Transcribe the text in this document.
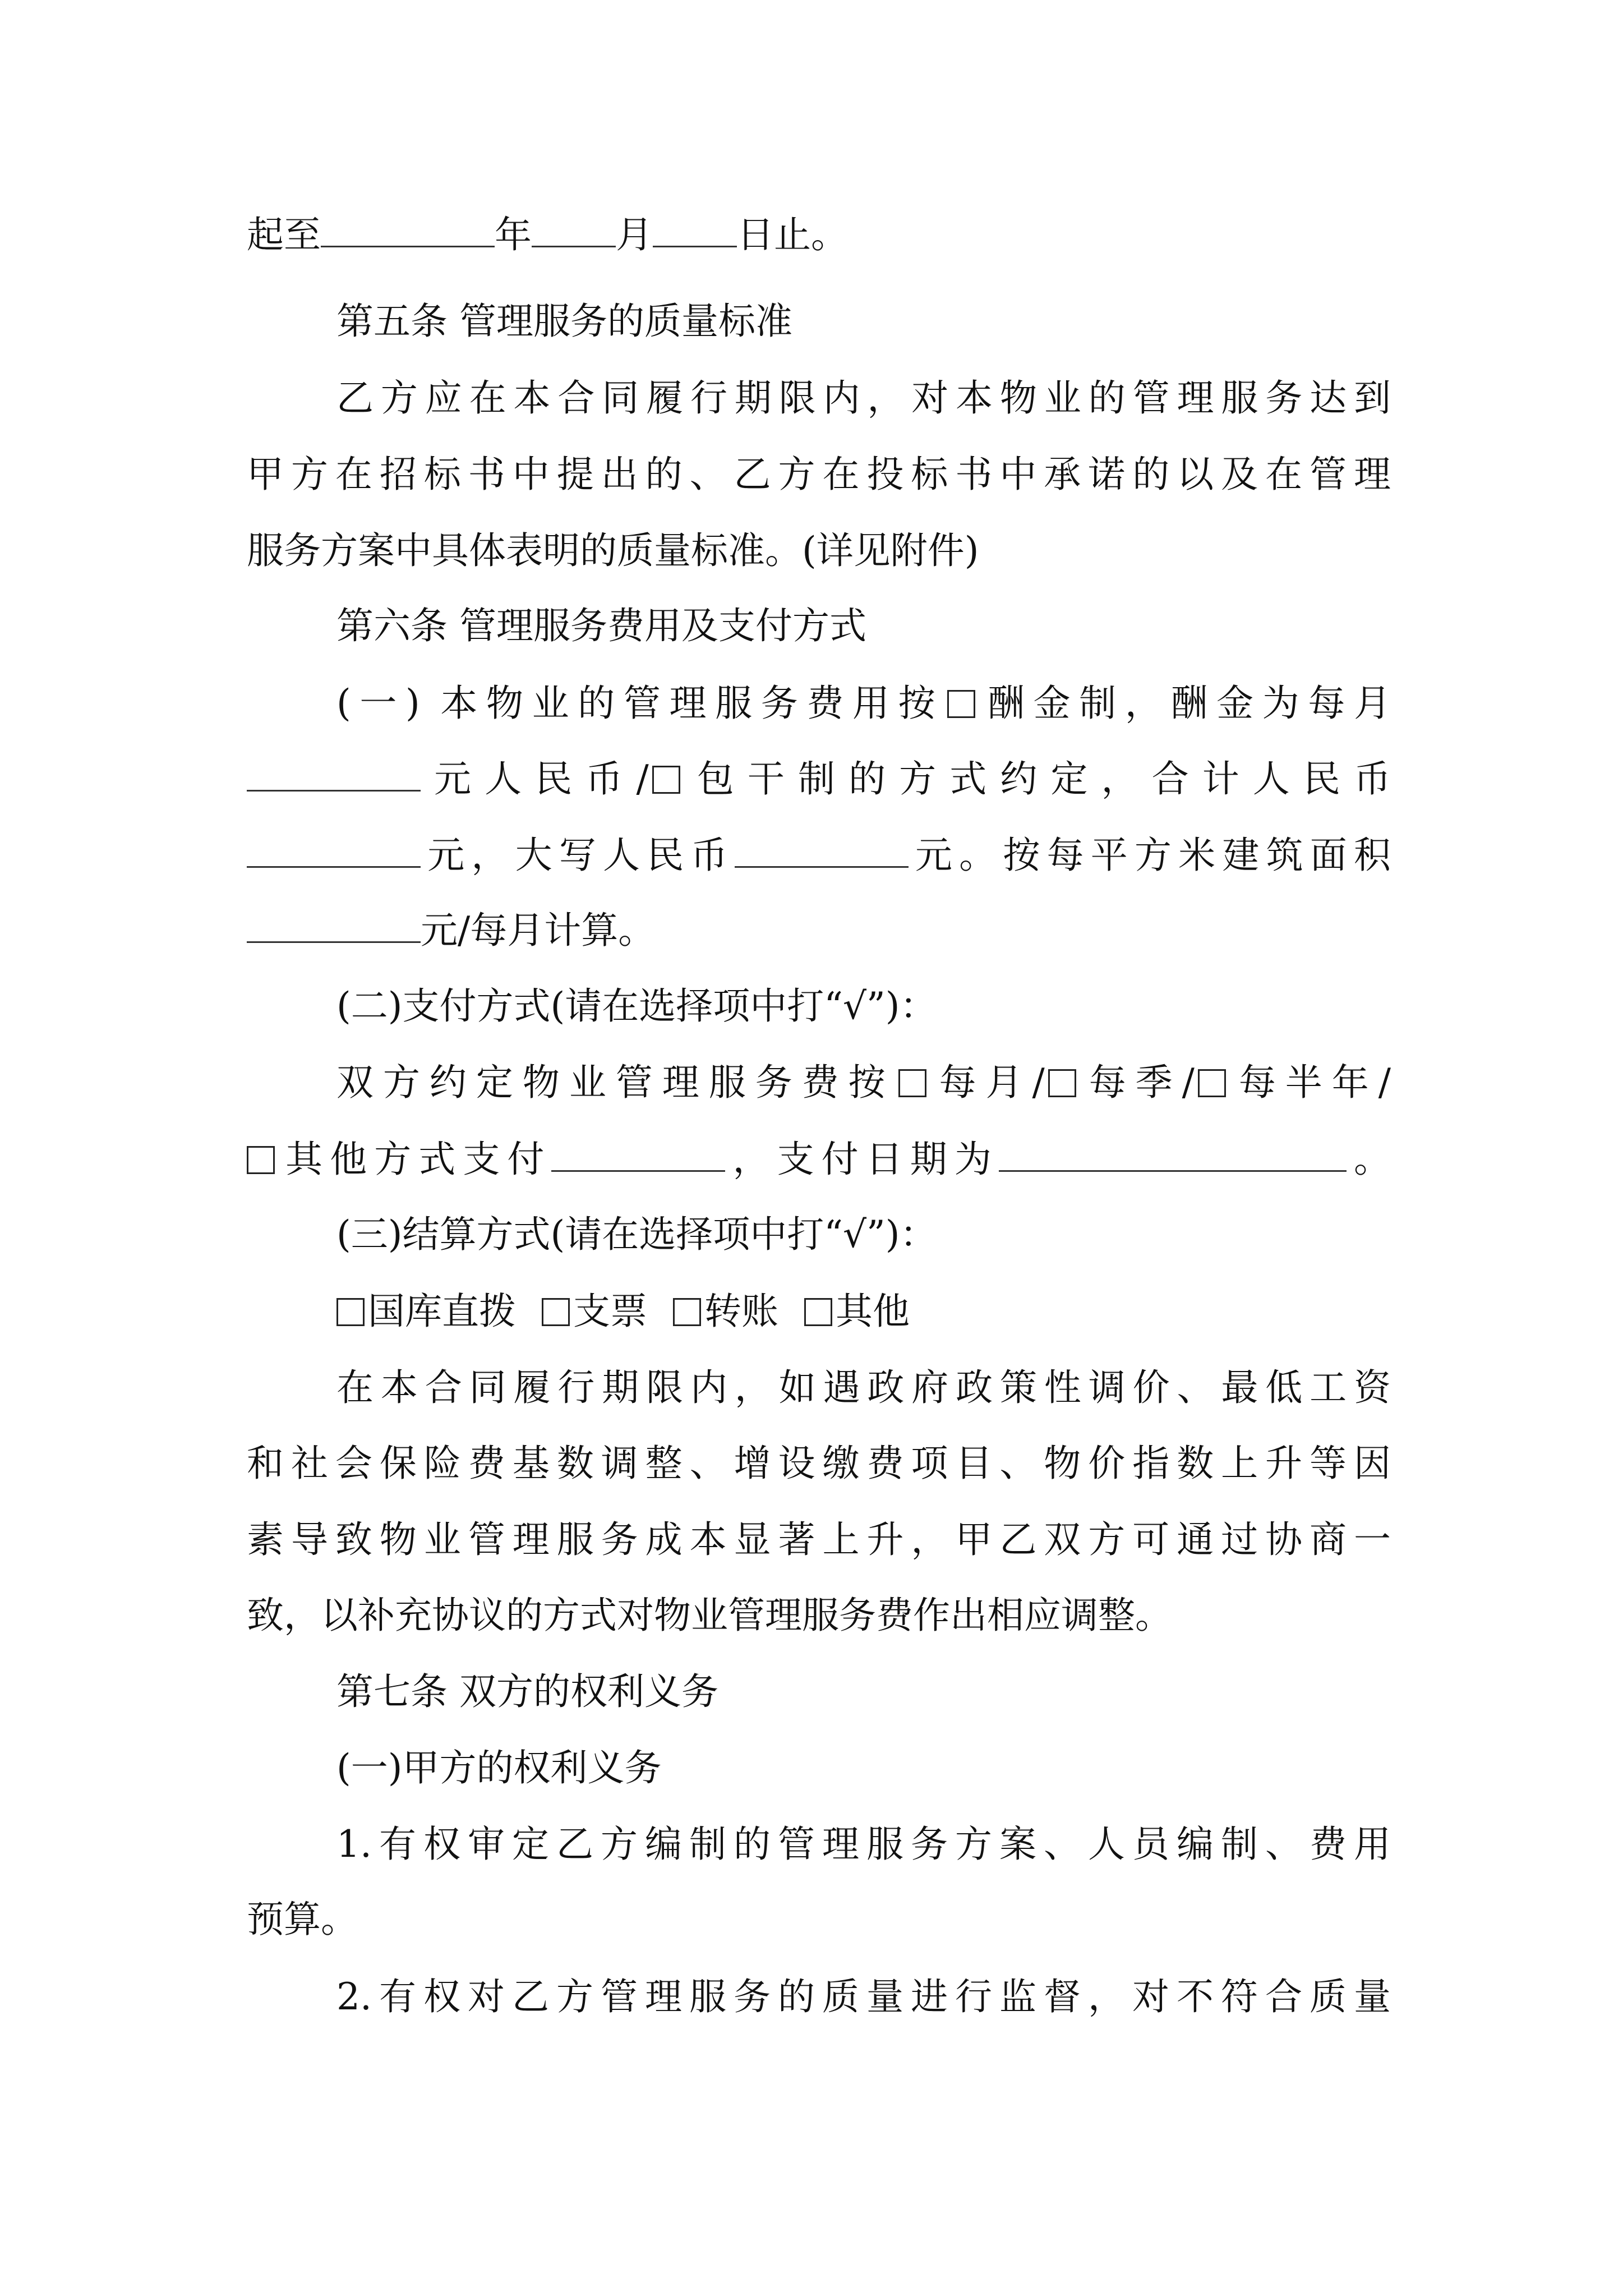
起至	年 月 日止。
第五条 管理服务的质量标准
乙方应在本合同履行期限内，对本物业的管理服务达到
甲方在招标书中提出的、乙方在投标书中承诺的以及在管理
服务方案中具体表明的质量标准。(详见附件)
第六条 管理服务费用及支付方式
(一) 本物业的管理服务费用按 酬金制，酬金为每月
元人民币/ 包干制的方式约定，合计人民币
元，大写人民币	元。按每平方米建筑面积
元/每月计算。
(二)支付方式(请在选择项中打“√”)：
双方约定物业管理服务费按 每月/ 每季/ 每半年/
其他方式支付	，支付日期为	。
(三)结算方式(请在选择项中打“√”)：
国库直拨 支票 转账 其他
在本合同履行期限内，如遇政府政策性调价、最低工资
和社会保险费基数调整、增设缴费项目、物价指数上升等因
素导致物业管理服务成本显著上升，甲乙双方可通过协商一
致，以补充协议的方式对物业管理服务费作出相应调整。
第七条 双方的权利义务
(一)甲方的权利义务
1.有权审定乙方编制的管理服务方案、人员编制、费用
预算。
2.有权对乙方管理服务的质量进行监督，对不符合质量
